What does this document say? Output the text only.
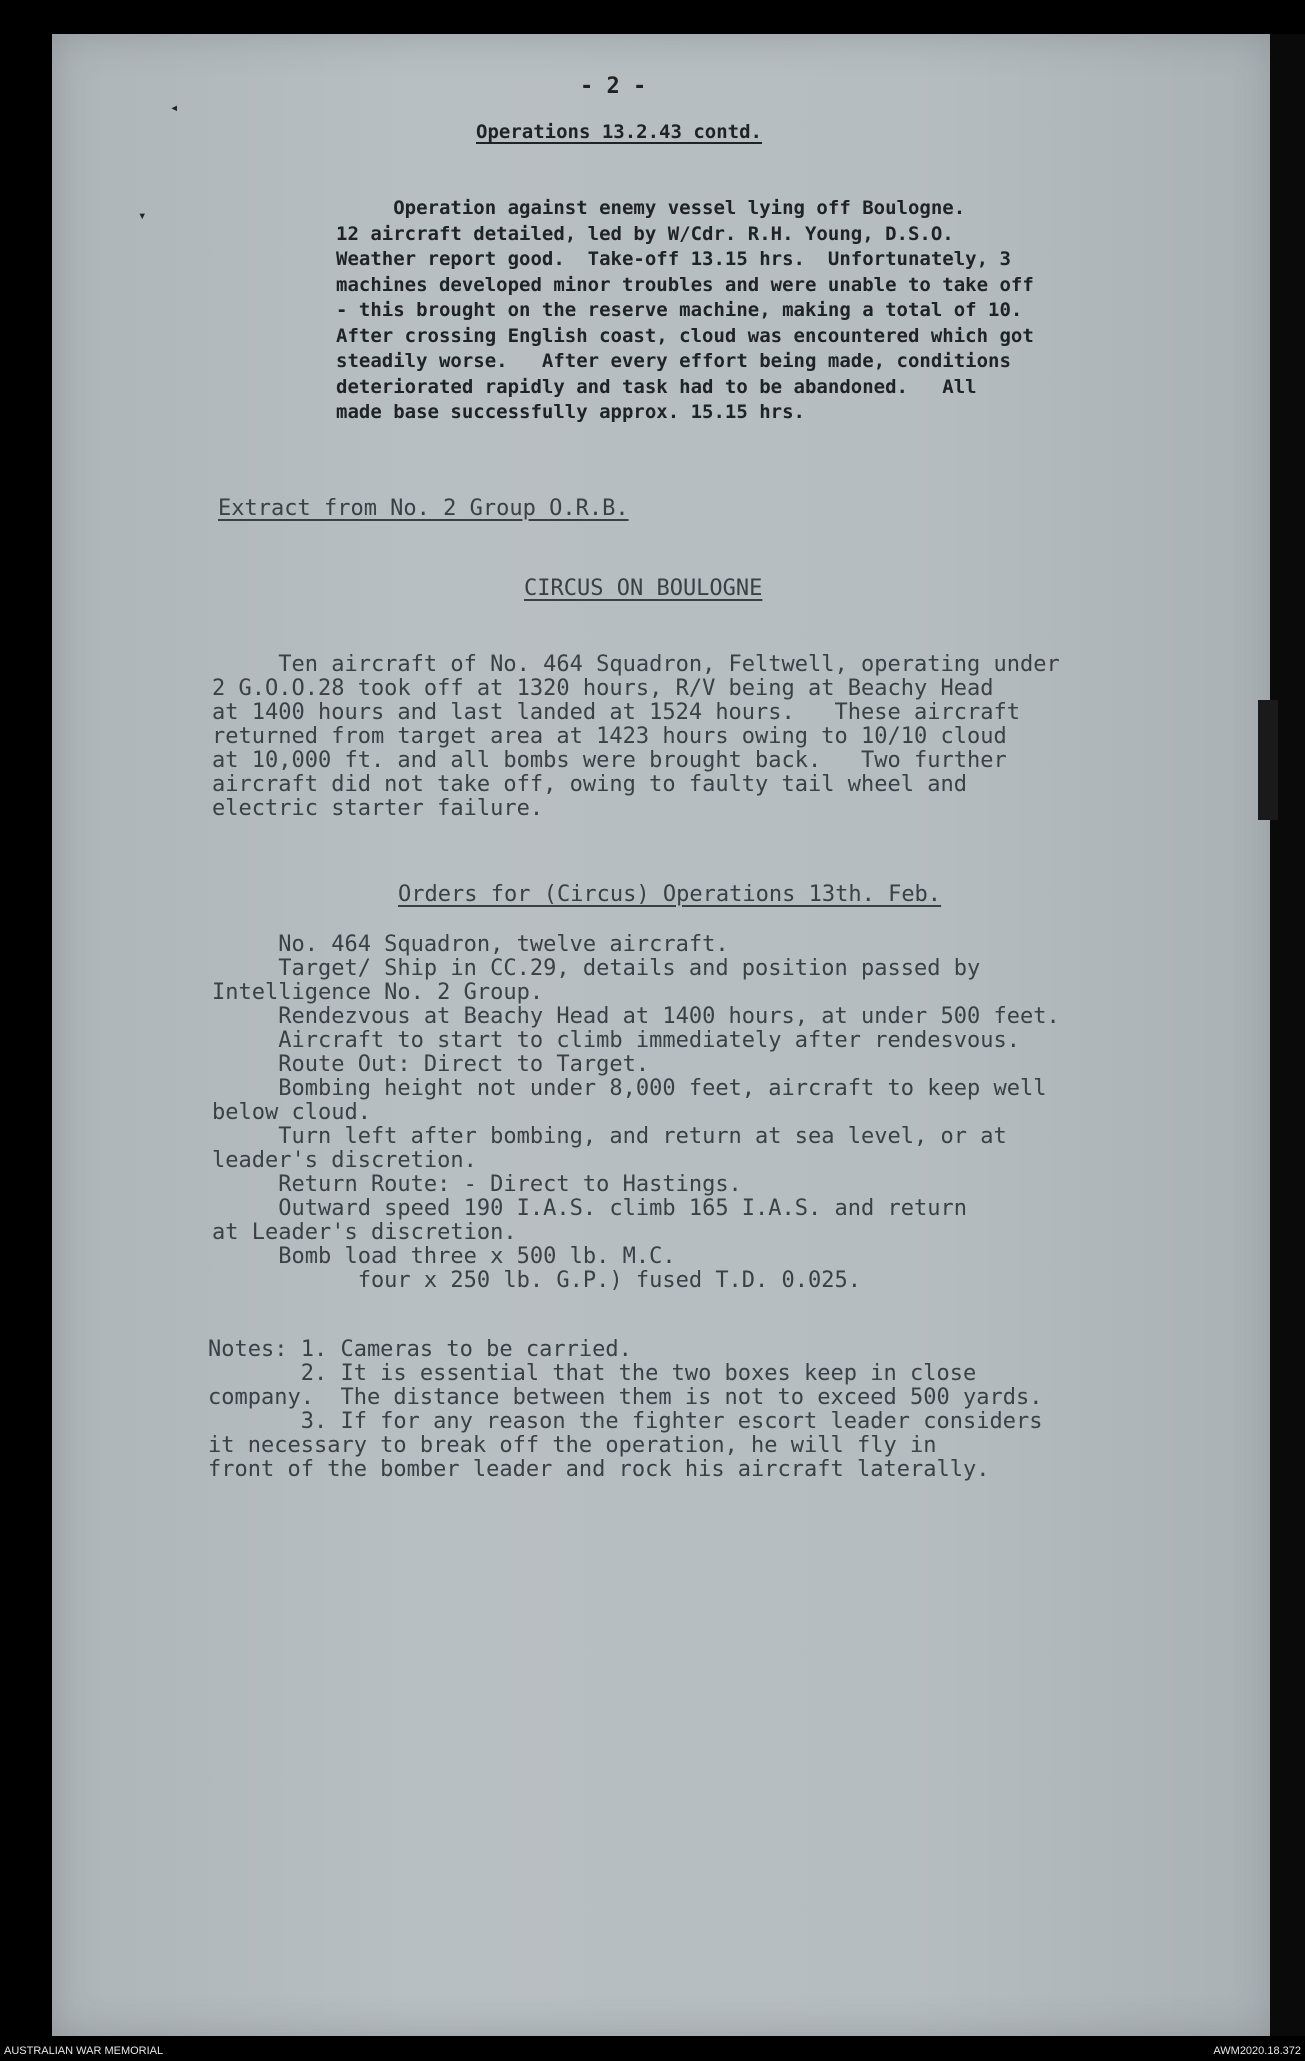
◂
▾
- 2 -
Operations 13.2.43 contd.
Operation against enemy vessel lying off Boulogne.
12 aircraft detailed, led by W/Cdr. R.H. Young, D.S.O.
Weather report good.  Take-off 13.15 hrs.  Unfortunately, 3
machines developed minor troubles and were unable to take off
- this brought on the reserve machine, making a total of 10.
After crossing English coast, cloud was encountered which got
steadily worse.   After every effort being made, conditions
deteriorated rapidly and task had to be abandoned.   All
made base successfully approx. 15.15 hrs.
Extract from No. 2 Group O.R.B.
CIRCUS ON BOULOGNE
Ten aircraft of No. 464 Squadron, Feltwell, operating under
2 G.O.O.28 took off at 1320 hours, R/V being at Beachy Head
at 1400 hours and last landed at 1524 hours.   These aircraft
returned from target area at 1423 hours owing to 10/10 cloud
at 10,000 ft. and all bombs were brought back.   Two further
aircraft did not take off, owing to faulty tail wheel and
electric starter failure.
Orders for (Circus) Operations 13th. Feb.
No. 464 Squadron, twelve aircraft.
Target/ Ship in CC.29, details and position passed by
Intelligence No. 2 Group.
Rendezvous at Beachy Head at 1400 hours, at under 500 feet.
Aircraft to start to climb immediately after rendesvous.
Route Out: Direct to Target.
Bombing height not under 8,000 feet, aircraft to keep well
below cloud.
Turn left after bombing, and return at sea level, or at
leader's discretion.
Return Route: - Direct to Hastings.
Outward speed 190 I.A.S. climb 165 I.A.S. and return
at Leader's discretion.
Bomb load three x 500 lb. M.C.
four x 250 lb. G.P.) fused T.D. 0.025.
Notes: 1. Cameras to be carried.
2. It is essential that the two boxes keep in close
company.  The distance between them is not to exceed 500 yards.
3. If for any reason the fighter escort leader considers
it necessary to break off the operation, he will fly in
front of the bomber leader and rock his aircraft laterally.
AUSTRALIAN WAR MEMORIAL	AWM2020.18.372
